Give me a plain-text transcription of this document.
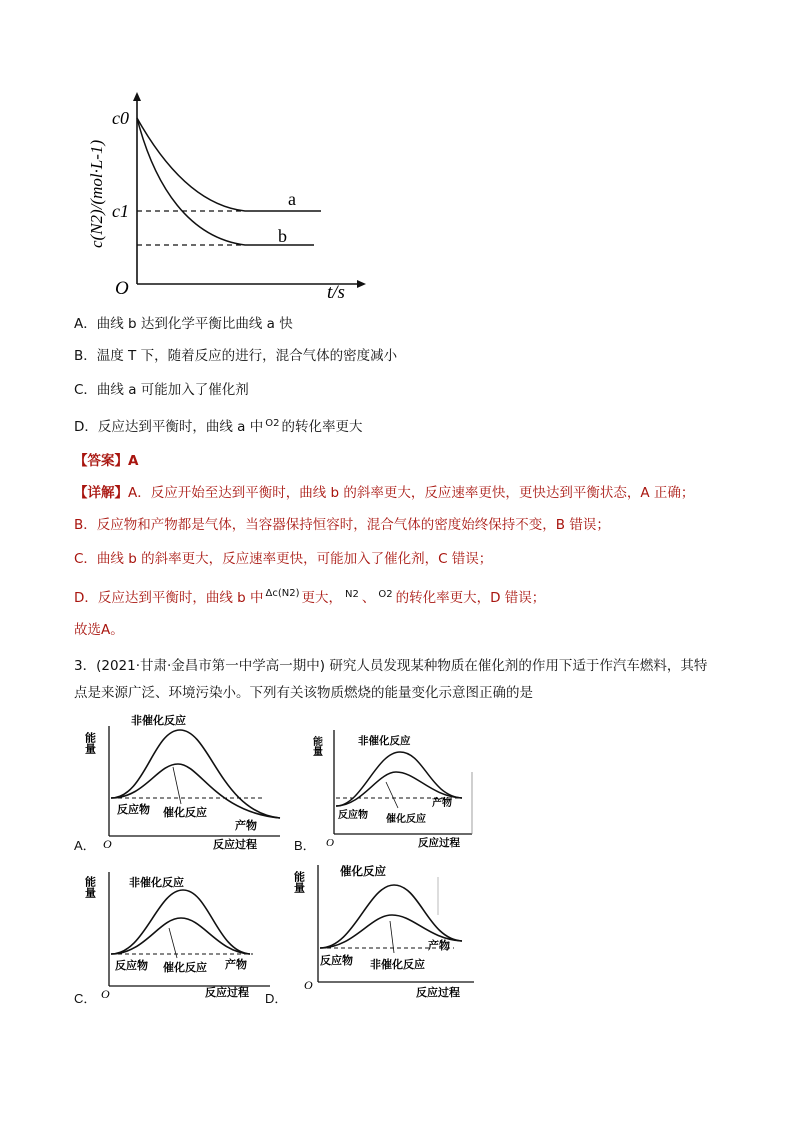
c(N2)/(mol·L-1)
c0
c1
O	t/s
a
b
A．曲线 b 达到化学平衡比曲线 a 快
B．温度 T 下，随着反应的进行，混合气体的密度减小
C．曲线 a 可能加入了催化剂
D．反应达到平衡时，曲线 a 中 $^{O2}$ 的转化率更大
【答案】A
【详解】A．反应开始至达到平衡时，曲线 b 的斜率更大，反应速率更快，更快达到平衡状态，A 正确；
B．反应物和产物都是气体，当容器保持恒容时，混合气体的密度始终保持不变，B 错误；
C．曲线 b 的斜率更大，反应速率更快，可能加入了催化剂，C 错误；
D．反应达到平衡时，曲线 b 中 $^{\Delta c(N2)}$ 更大， $^{N2}$ 、 $^{O2}$ 的转化率更大，D 错误；
故选A。
3．(2021·甘肃·金昌市第一中学高一期中) 研究人员发现某种物质在催化剂的作用下适于作汽车燃料，其特
点是来源广泛、环境污染小。下列有关该物质燃烧的能量变化示意图正确的是
A．
能量
非催化反应
反应物 催化反应
产物
O	反应过程	B．
能量	非催化反应
反应物 催化反应
产物
O	反应过程
C．
能量	非催化反应
反应物 催化反应 产物
O	反应过程 D．
能量	催化反应
反应物 非催化反应
产物
O
反应过程
